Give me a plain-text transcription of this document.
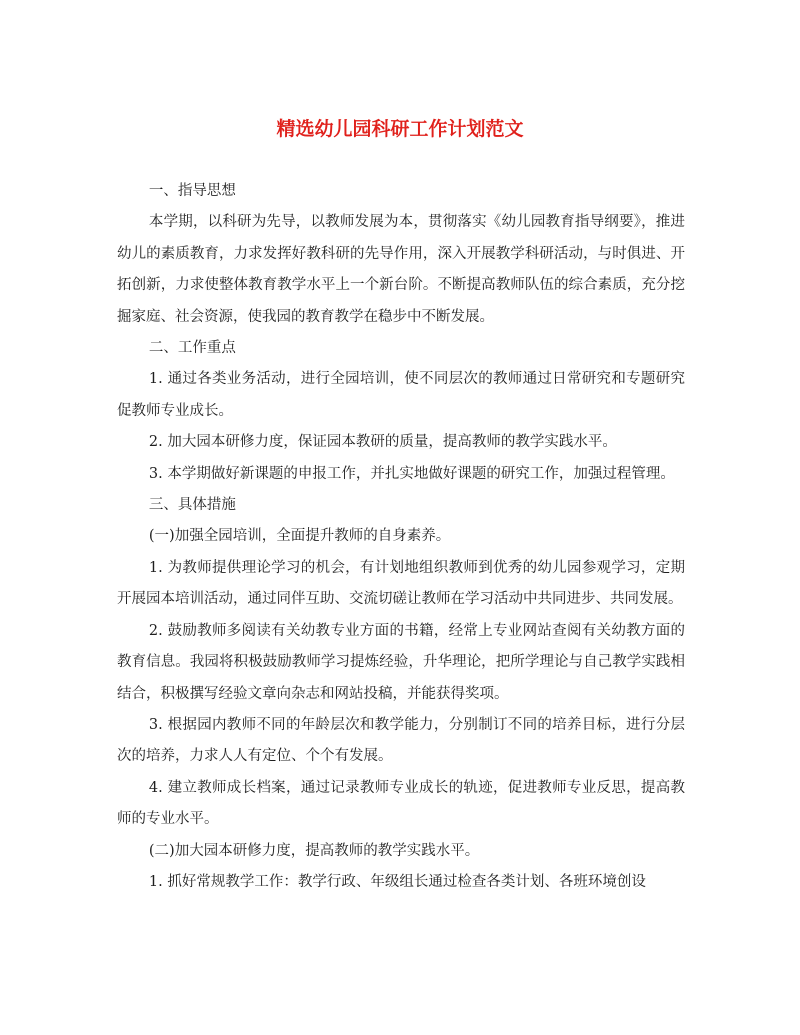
精选幼儿园科研工作计划范文

一、指导思想

本学期，以科研为先导，以教师发展为本，贯彻落实《幼儿园教育指导纲要》，推进幼儿的素质教育，力求发挥好教科研的先导作用，深入开展教学科研活动，与时俱进、开拓创新，力求使整体教育教学水平上一个新台阶。不断提高教师队伍的综合素质，充分挖掘家庭、社会资源，使我园的教育教学在稳步中不断发展。

二、工作重点

1. 通过各类业务活动，进行全园培训，使不同层次的教师通过日常研究和专题研究促教师专业成长。

2. 加大园本研修力度，保证园本教研的质量，提高教师的教学实践水平。

3. 本学期做好新课题的申报工作，并扎实地做好课题的研究工作，加强过程管理。

三、具体措施

(一)加强全园培训，全面提升教师的自身素养。

1. 为教师提供理论学习的机会，有计划地组织教师到优秀的幼儿园参观学习，定期开展园本培训活动，通过同伴互助、交流切磋让教师在学习活动中共同进步、共同发展。

2. 鼓励教师多阅读有关幼教专业方面的书籍，经常上专业网站查阅有关幼教方面的教育信息。我园将积极鼓励教师学习提炼经验，升华理论，把所学理论与自己教学实践相结合，积极撰写经验文章向杂志和网站投稿，并能获得奖项。

3. 根据园内教师不同的年龄层次和教学能力，分别制订不同的培养目标，进行分层次的培养，力求人人有定位、个个有发展。

4. 建立教师成长档案，通过记录教师专业成长的轨迹，促进教师专业反思，提高教师的专业水平。

(二)加大园本研修力度，提高教师的教学实践水平。

1. 抓好常规教学工作：教学行政、年级组长通过检查各类计划、各班环境创设
